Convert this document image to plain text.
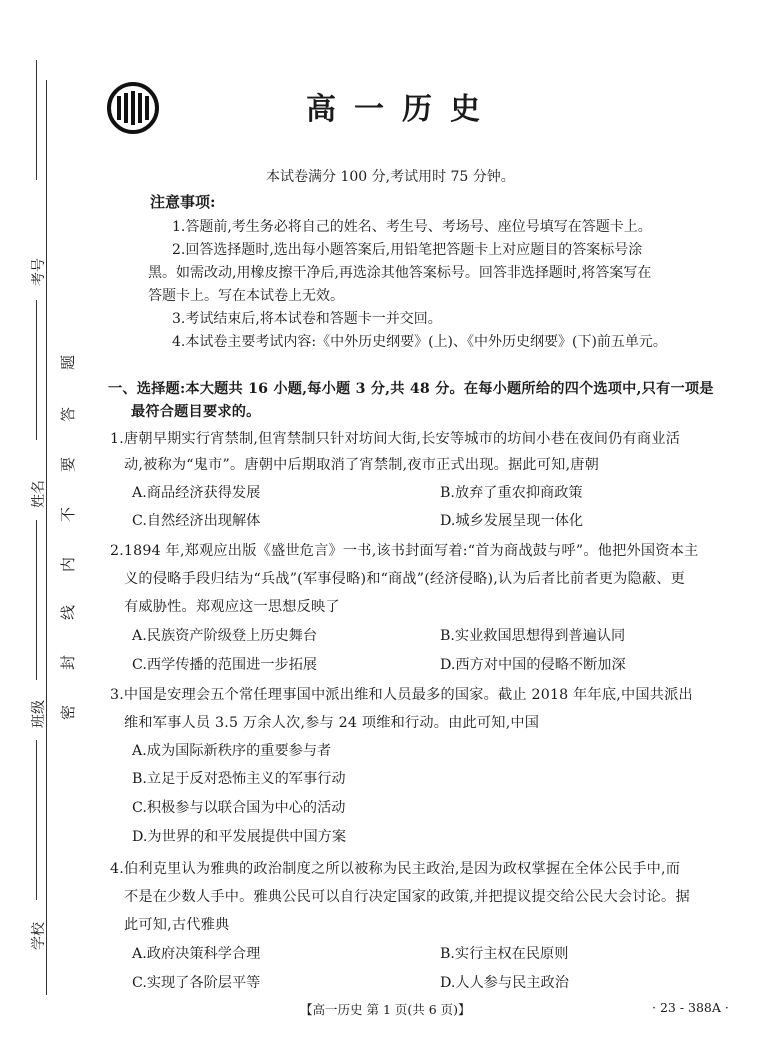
考号
姓名
班级
学校
题
答
要
不
内
线
封
密
高一历史
本试卷满分 100 分,考试用时 75 分钟。
注意事项:
1.答题前,考生务必将自己的姓名、考生号、考场号、座位号填写在答题卡上。
2.回答选择题时,选出每小题答案后,用铅笔把答题卡上对应题目的答案标号涂
黑。如需改动,用橡皮擦干净后,再选涂其他答案标号。回答非选择题时,将答案写在
答题卡上。写在本试卷上无效。
3.考试结束后,将本试卷和答题卡一并交回。
4.本试卷主要考试内容:《中外历史纲要》(上)、《中外历史纲要》(下)前五单元。
一、选择题:本大题共 16 小题,每小题 3 分,共 48 分。在每小题所给的四个选项中,只有一项是
最符合题目要求的。
1.唐朝早期实行宵禁制,但宵禁制只针对坊间大街,长安等城市的坊间小巷在夜间仍有商业活
动,被称为“鬼市”。唐朝中后期取消了宵禁制,夜市正式出现。据此可知,唐朝
A.商品经济获得发展	B.放弃了重农抑商政策
C.自然经济出现解体	D.城乡发展呈现一体化
2.1894 年,郑观应出版《盛世危言》一书,该书封面写着:“首为商战鼓与呼”。他把外国资本主
义的侵略手段归结为“兵战”(军事侵略)和“商战”(经济侵略),认为后者比前者更为隐蔽、更
有威胁性。郑观应这一思想反映了
A.民族资产阶级登上历史舞台	B.实业救国思想得到普遍认同
C.西学传播的范围进一步拓展	D.西方对中国的侵略不断加深
3.中国是安理会五个常任理事国中派出维和人员最多的国家。截止 2018 年年底,中国共派出
维和军事人员 3.5 万余人次,参与 24 项维和行动。由此可知,中国
A.成为国际新秩序的重要参与者
B.立足于反对恐怖主义的军事行动
C.积极参与以联合国为中心的活动
D.为世界的和平发展提供中国方案
4.伯利克里认为雅典的政治制度之所以被称为民主政治,是因为政权掌握在全体公民手中,而
不是在少数人手中。雅典公民可以自行决定国家的政策,并把提议提交给公民大会讨论。据
此可知,古代雅典
A.政府决策科学合理	B.实行主权在民原则
C.实现了各阶层平等	D.人人参与民主政治
【高一历史 第 1 页(共 6 页)】	· 23 - 388A ·
